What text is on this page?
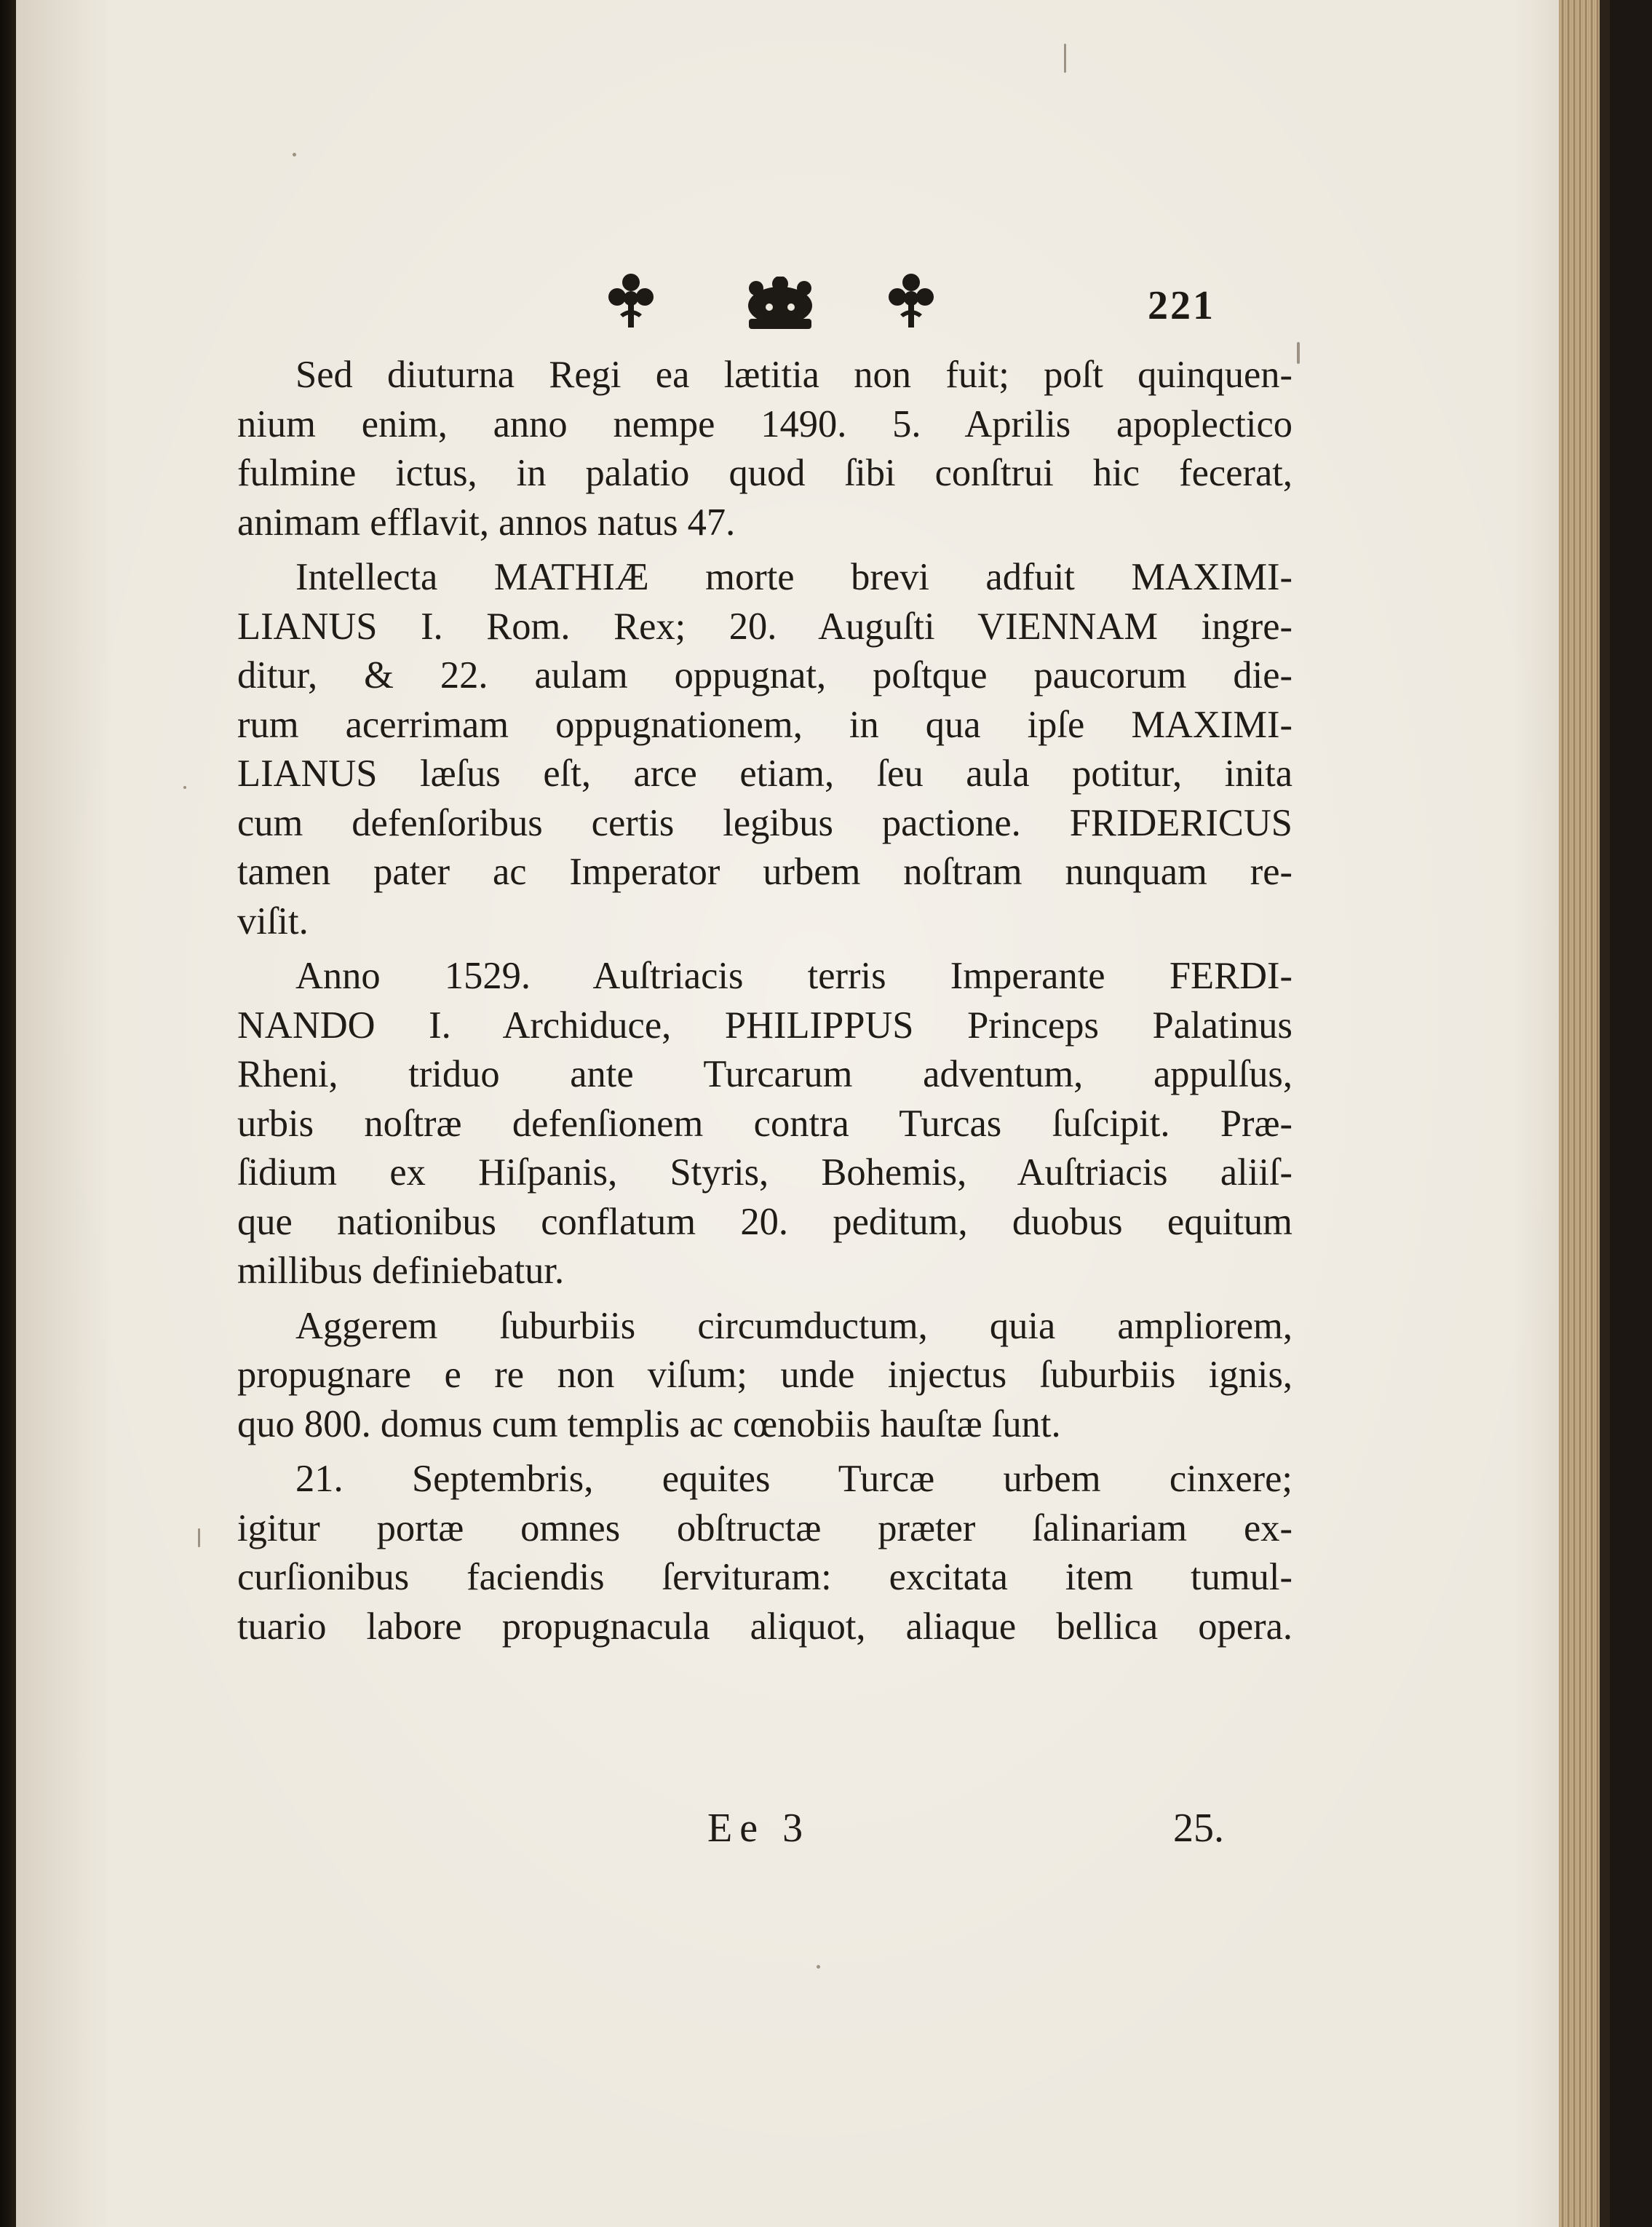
221
Sed diuturna Regi ea lætitia non fuit; poſt quinquen-
nium enim, anno nempe 1490. 5. Aprilis apoplectico
fulmine ictus, in palatio quod ſibi conſtrui hic fecerat,
animam efflavit, annos natus 47.
Intellecta MATHIÆ morte brevi adfuit MAXIMI-
LIANUS I. Rom. Rex; 20. Auguſti VIENNAM ingre-
ditur, & 22. aulam oppugnat, poſtque paucorum die-
rum acerrimam oppugnationem, in qua ipſe MAXIMI-
LIANUS læſus eſt, arce etiam, ſeu aula potitur, inita
cum defenſoribus certis legibus pactione. FRIDERICUS
tamen pater ac Imperator urbem noſtram nunquam re-
viſit.
Anno 1529. Auſtriacis terris Imperante FERDI-
NANDO I. Archiduce, PHILIPPUS Princeps Palatinus
Rheni, triduo ante Turcarum adventum, appulſus,
urbis noſtræ defenſionem contra Turcas ſuſcipit. Præ-
ſidium ex Hiſpanis, Styris, Bohemis, Auſtriacis aliiſ-
que nationibus conflatum 20. peditum, duobus equitum
millibus definiebatur.
Aggerem ſuburbiis circumductum, quia ampliorem,
propugnare e re non viſum; unde injectus ſuburbiis ignis,
quo 800. domus cum templis ac cœnobiis hauſtæ ſunt.
21. Septembris, equites Turcæ urbem cinxere;
igitur portæ omnes obſtructæ præter ſalinariam ex-
curſionibus faciendis ſervituram: excitata item tumul-
tuario labore propugnacula aliquot, aliaque bellica opera.
Ee 3	25.
